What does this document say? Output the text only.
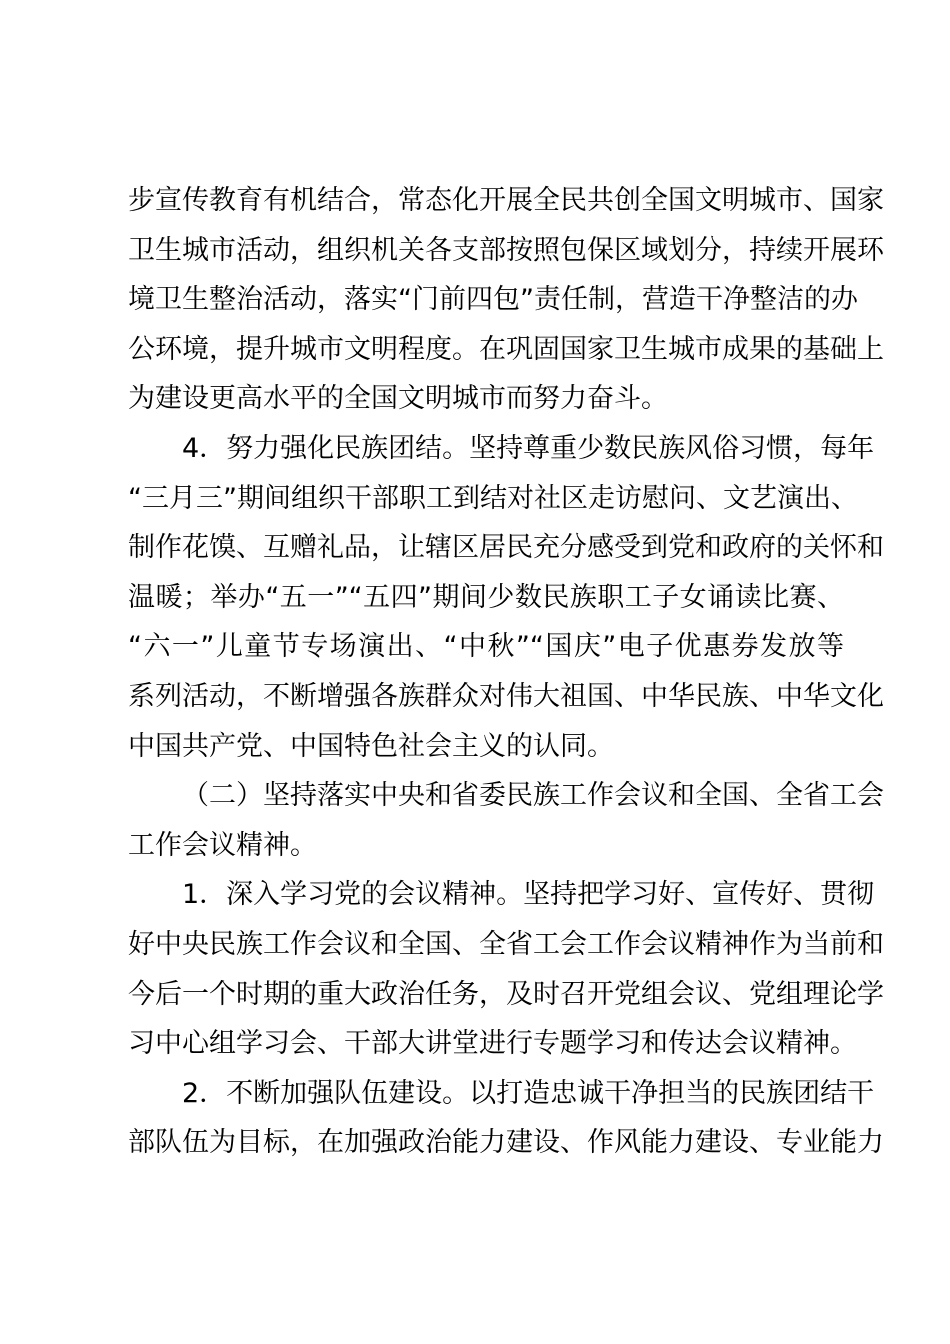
步宣传教育有机结合，常态化开展全民共创全国文明城市、国家
卫生城市活动，组织机关各支部按照包保区域划分，持续开展环
境卫生整治活动，落实“门前四包”责任制，营造干净整洁的办
公环境，提升城市文明程度。在巩固国家卫生城市成果的基础上
为建设更高水平的全国文明城市而努力奋斗。
4．努力强化民族团结。坚持尊重少数民族风俗习惯，每年
“三月三”期间组织干部职工到结对社区走访慰问、文艺演出、
制作花馍、互赠礼品，让辖区居民充分感受到党和政府的关怀和
温暖；举办“五一”“五四”期间少数民族职工子女诵读比赛、
“六一”儿童节专场演出、“中秋”“国庆”电子优惠券发放等
系列活动，不断增强各族群众对伟大祖国、中华民族、中华文化
中国共产党、中国特色社会主义的认同。
（二）坚持落实中央和省委民族工作会议和全国、全省工会
工作会议精神。
1．深入学习党的会议精神。坚持把学习好、宣传好、贯彻
好中央民族工作会议和全国、全省工会工作会议精神作为当前和
今后一个时期的重大政治任务，及时召开党组会议、党组理论学
习中心组学习会、干部大讲堂进行专题学习和传达会议精神。
2．不断加强队伍建设。以打造忠诚干净担当的民族团结干
部队伍为目标，在加强政治能力建设、作风能力建设、专业能力
